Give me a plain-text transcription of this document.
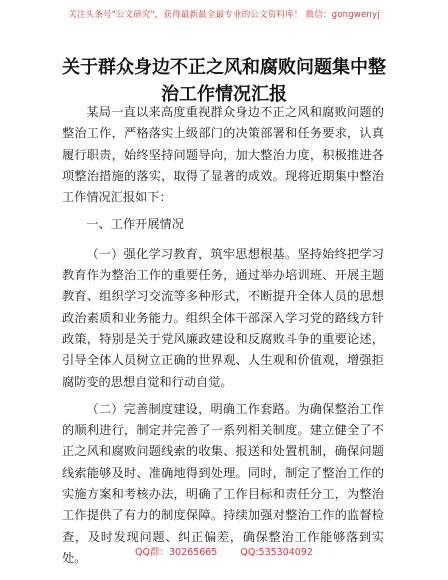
关注头条号"公文研究"，获得最新最全最专业的公文资料库！ 微信：gongwenyj
关于群众身边不正之风和腐败问题集中整治工作情况汇报

某局一直以来高度重视群众身边不正之风和腐败问题的整治工作，严格落实上级部门的决策部署和任务要求，认真履行职责，始终坚持问题导向，加大整治力度，积极推进各项整治措施的落实，取得了显著的成效。现将近期集中整治工作情况汇报如下：

一、工作开展情况

（一）强化学习教育，筑牢思想根基。坚持始终把学习教育作为整治工作的重要任务，通过举办培训班、开展主题教育、组织学习交流等多种形式，不断提升全体人员的思想政治素质和业务能力。组织全体干部深入学习党的路线方针政策，特别是关于党风廉政建设和反腐败斗争的重要论述，引导全体人员树立正确的世界观、人生观和价值观，增强拒腐防变的思想自觉和行动自觉。

（二）完善制度建设，明确工作套路。为确保整治工作的顺利进行，制定并完善了一系列相关制度。建立健全了不正之风和腐败问题线索的收集、报送和处置机制，确保问题线索能够及时、准确地得到处理。同时，制定了整治工作的实施方案和考核办法，明确了工作目标和责任分工，为整治工作提供了有力的制度保障。持续加强对整治工作的监督检查，及时发现问题、纠正偏差，确保整治工作能够落到实处。	QQ群：30265665 QQ:535304092
